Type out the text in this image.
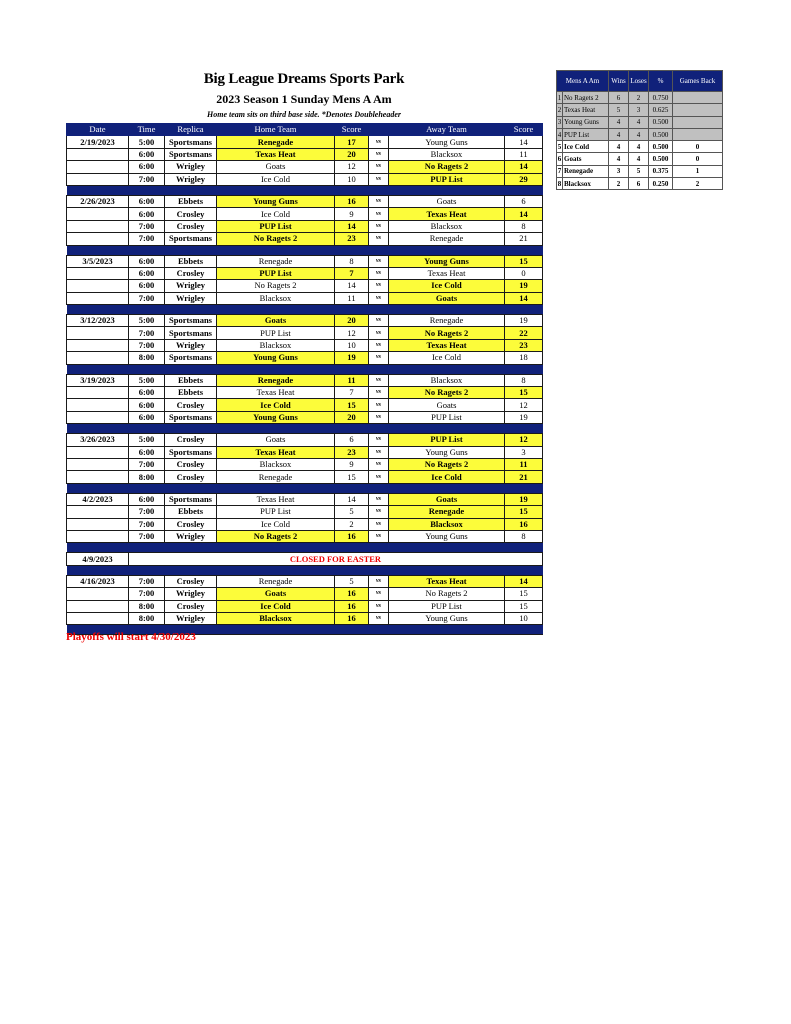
Big League Dreams Sports Park
2023 Season 1 Sunday Mens A Am
Home team sits on third base side. *Denotes Doubleheader
Date	Time	Replica	Home Team	Score		Away Team	Score
2/19/2023	5:00	Sportsmans	Renegade	17	vs	Young Guns	14
	6:00	Sportsmans	Texas Heat	20	vs	Blacksox	11
	6:00	Wrigley	Goats	12	vs	No Ragets 2	14
	7:00	Wrigley	Ice Cold	10	vs	PUP List	29

2/26/2023	6:00	Ebbets	Young Guns	16	vs	Goats	6
	6:00	Crosley	Ice Cold	9	vs	Texas Heat	14
	7:00	Crosley	PUP List	14	vs	Blacksox	8
	7:00	Sportsmans	No Ragets 2	23	vs	Renegade	21

3/5/2023	6:00	Ebbets	Renegade	8	vs	Young Guns	15
	6:00	Crosley	PUP List	7	vs	Texas Heat	0
	6:00	Wrigley	No Ragets 2	14	vs	Ice Cold	19
	7:00	Wrigley	Blacksox	11	vs	Goats	14

3/12/2023	5:00	Sportsmans	Goats	20	vs	Renegade	19
	7:00	Sportsmans	PUP List	12	vs	No Ragets 2	22
	7:00	Wrigley	Blacksox	10	vs	Texas Heat	23
	8:00	Sportsmans	Young Guns	19	vs	Ice Cold	18

3/19/2023	5:00	Ebbets	Renegade	11	vs	Blacksox	8
	6:00	Ebbets	Texas Heat	7	vs	No Ragets 2	15
	6:00	Crosley	Ice Cold	15	vs	Goats	12
	6:00	Sportsmans	Young Guns	20	vs	PUP List	19

3/26/2023	5:00	Crosley	Goats	6	vs	PUP List	12
	6:00	Sportsmans	Texas Heat	23	vs	Young Guns	3
	7:00	Crosley	Blacksox	9	vs	No Ragets 2	11
	8:00	Crosley	Renegade	15	vs	Ice Cold	21

4/2/2023	6:00	Sportsmans	Texas Heat	14	vs	Goats	19
	7:00	Ebbets	PUP List	5	vs	Renegade	15
	7:00	Crosley	Ice Cold	2	vs	Blacksox	16
	7:00	Wrigley	No Ragets 2	16	vs	Young Guns	8

4/9/2023	CLOSED FOR EASTER						

4/16/2023	7:00	Crosley	Renegade	5	vs	Texas Heat	14
	7:00	Wrigley	Goats	16	vs	No Ragets 2	15
	8:00	Crosley	Ice Cold	16	vs	PUP List	15
	8:00	Wrigley	Blacksox	16	vs	Young Guns	10

Mens A Am		Wins	Loses	%	Games Back
1	No Ragets 2	6	2	0.750	
2	Texas Heat	5	3	0.625	
3	Young Guns	4	4	0.500	
4	PUP List	4	4	0.500	
5	Ice Cold	4	4	0.500	0
6	Goats	4	4	0.500	0
7	Renegade	3	5	0.375	1
8	Blacksox	2	6	0.250	2
Playoffs will start 4/30/2023
